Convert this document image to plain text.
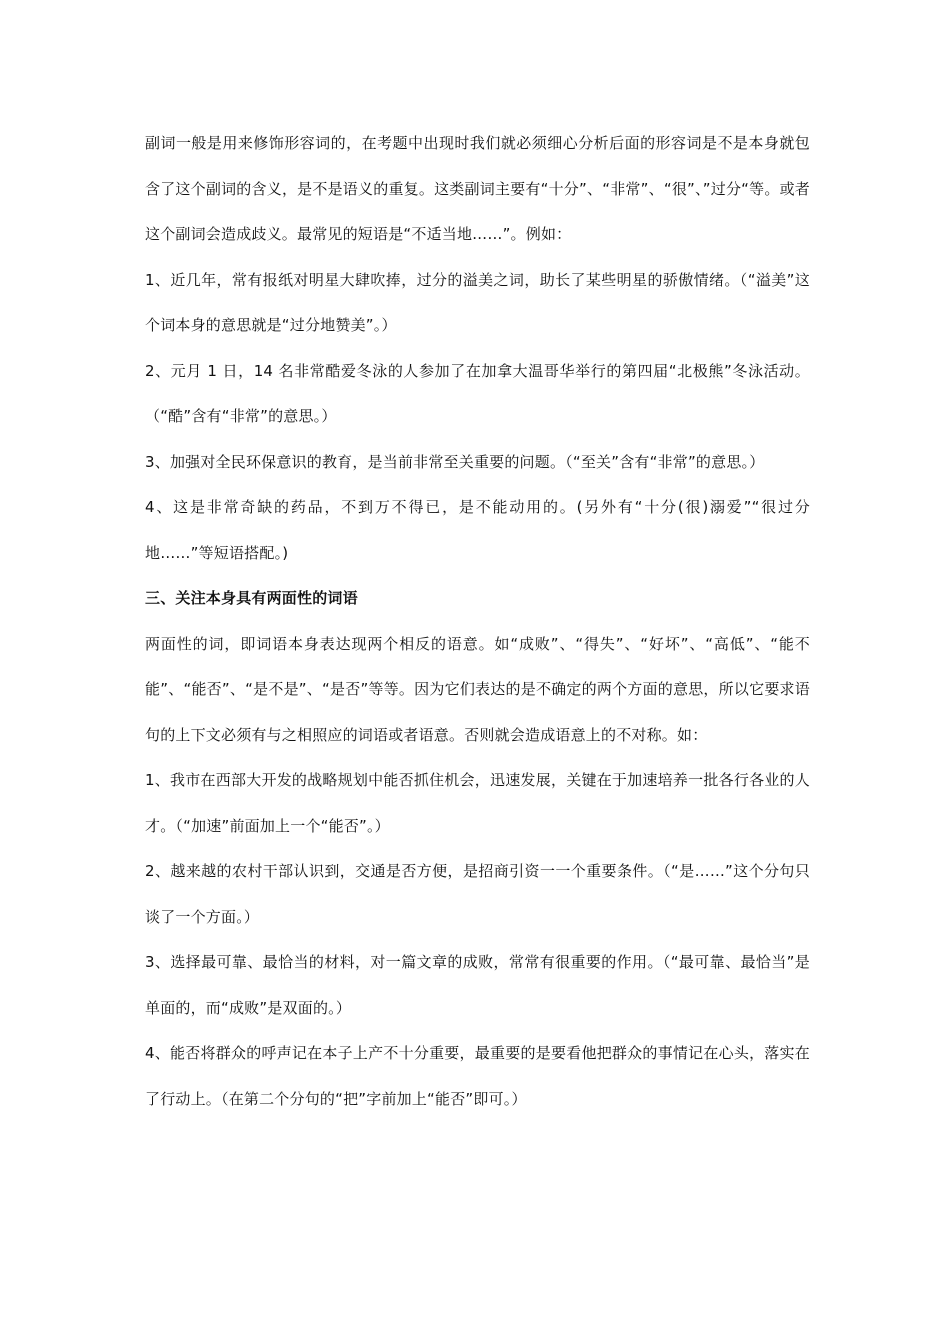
副词一般是用来修饰形容词的，在考题中出现时我们就必须细心分析后面的形容词是不是本身就包含了这个副词的含义，是不是语义的重复。这类副词主要有“十分”、“非常”、“很”、”过分“等。或者这个副词会造成歧义。最常见的短语是“不适当地……”。例如：

1、近几年，常有报纸对明星大肆吹捧，过分的溢美之词，助长了某些明星的骄傲情绪。（“溢美”这个词本身的意思就是“过分地赞美”。）

2、元月 1 日，14 名非常酷爱冬泳的人参加了在加拿大温哥华举行的第四届“北极熊”冬泳活动。（“酷”含有“非常”的意思。）

3、加强对全民环保意识的教育，是当前非常至关重要的问题。（“至关”含有“非常”的意思。）

4、这是非常奇缺的药品，不到万不得已，是不能动用的。(另外有“十分(很)溺爱”“很过分地……”等短语搭配。)

三、关注本身具有两面性的词语

两面性的词，即词语本身表达现两个相反的语意。如“成败”、“得失”、“好坏”、“高低”、“能不能”、“能否”、“是不是”、“是否”等等。因为它们表达的是不确定的两个方面的意思，所以它要求语句的上下文必须有与之相照应的词语或者语意。否则就会造成语意上的不对称。如：

1、我市在西部大开发的战略规划中能否抓住机会，迅速发展，关键在于加速培养一批各行各业的人才。（“加速”前面加上一个“能否”。）

2、越来越的农村干部认识到，交通是否方便，是招商引资一一个重要条件。（“是……”这个分句只谈了一个方面。）

3、选择最可靠、最恰当的材料，对一篇文章的成败，常常有很重要的作用。（“最可靠、最恰当”是单面的，而“成败”是双面的。）

4、能否将群众的呼声记在本子上产不十分重要，最重要的是要看他把群众的事情记在心头，落实在了行动上。（在第二个分句的“把”字前加上“能否”即可。）
